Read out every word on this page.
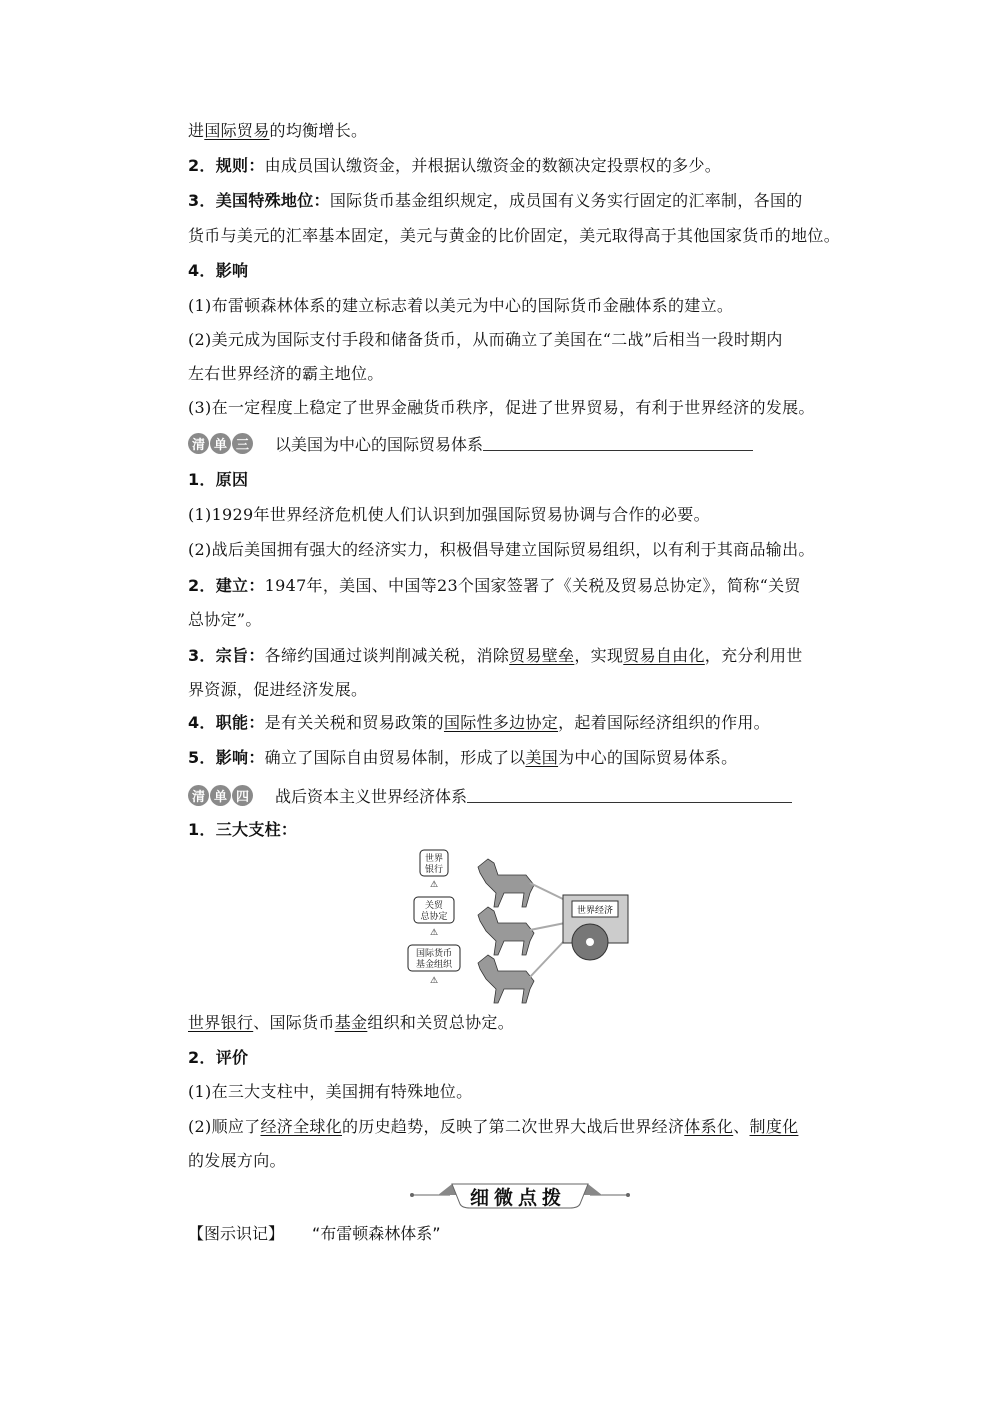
进国际贸易的均衡增长。
2．规则：由成员国认缴资金，并根据认缴资金的数额决定投票权的多少。
3．美国特殊地位：国际货币基金组织规定，成员国有义务实行固定的汇率制，各国的
货币与美元的汇率基本固定，美元与黄金的比价固定，美元取得高于其他国家货币的地位。
4．影响
(1)布雷顿森林体系的建立标志着以美元为中心的国际货币金融体系的建立。
(2)美元成为国际支付手段和储备货币，从而确立了美国在“二战”后相当一段时期内
左右世界经济的霸主地位。
(3)在一定程度上稳定了世界金融货币秩序，促进了世界贸易，有利于世界经济的发展。
1．原因
(1)1929年世界经济危机使人们认识到加强国际贸易协调与合作的必要。
(2)战后美国拥有强大的经济实力，积极倡导建立国际贸易组织，以有利于其商品输出。
2．建立：1947年，美国、中国等23个国家签署了《关税及贸易总协定》，简称“关贸
总协定”。
3．宗旨：各缔约国通过谈判削减关税，消除贸易壁垒，实现贸易自由化，充分利用世
界资源，促进经济发展。
4．职能：是有关关税和贸易政策的国际性多边协定，起着国际经济组织的作用。
5．影响：确立了国际自由贸易体制，形成了以美国为中心的国际贸易体系。
1．三大支柱：
世界银行、国际货币基金组织和关贸总协定。
2．评价
(1)在三大支柱中，美国拥有特殊地位。
(2)顺应了经济全球化的历史趋势，反映了第二次世界大战后世界经济体系化、制度化
的发展方向。
清 单 三 以美国为中心的国际贸易体系
清 单 四 战后资本主义世界经济体系
世界
银行
⚠
关贸
总协定
⚠
国际货币
基金组织
⚠
世界经济
细微点拨
【图示识记】 “布雷顿森林体系”
